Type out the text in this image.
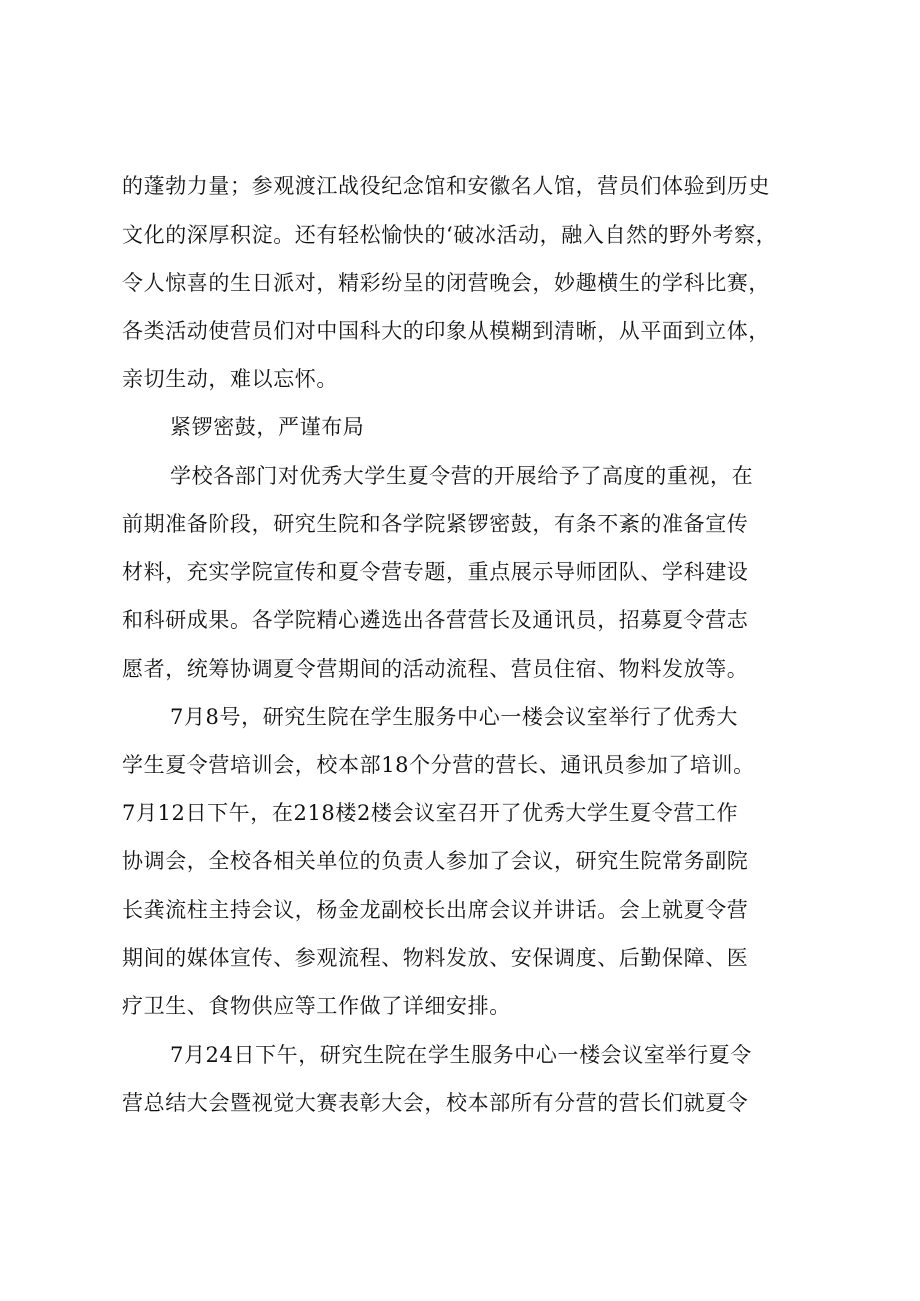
的蓬勃力量；参观渡江战役纪念馆和安徽名人馆，营员们体验到历史
文化的深厚积淀。还有轻松愉快的‘破冰活动，融入自然的野外考察，
令人惊喜的生日派对，精彩纷呈的闭营晚会，妙趣横生的学科比赛，
各类活动使营员们对中国科大的印象从模糊到清晰，从平面到立体，
亲切生动，难以忘怀。
紧锣密鼓，严谨布局
学校各部门对优秀大学生夏令营的开展给予了高度的重视，在
前期准备阶段，研究生院和各学院紧锣密鼓，有条不紊的准备宣传
材料，充实学院宣传和夏令营专题，重点展示导师团队、学科建设
和科研成果。各学院精心遴选出各营营长及通讯员，招募夏令营志
愿者，统筹协调夏令营期间的活动流程、营员住宿、物料发放等。
7月8号，研究生院在学生服务中心一楼会议室举行了优秀大
学生夏令营培训会，校本部18个分营的营长、通讯员参加了培训。
7月12日下午，在218楼2楼会议室召开了优秀大学生夏令营工作
协调会，全校各相关单位的负责人参加了会议，研究生院常务副院
长龚流柱主持会议，杨金龙副校长出席会议并讲话。会上就夏令营
期间的媒体宣传、参观流程、物料发放、安保调度、后勤保障、医
疗卫生、食物供应等工作做了详细安排。
7月24日下午，研究生院在学生服务中心一楼会议室举行夏令
营总结大会暨视觉大赛表彰大会，校本部所有分营的营长们就夏令
